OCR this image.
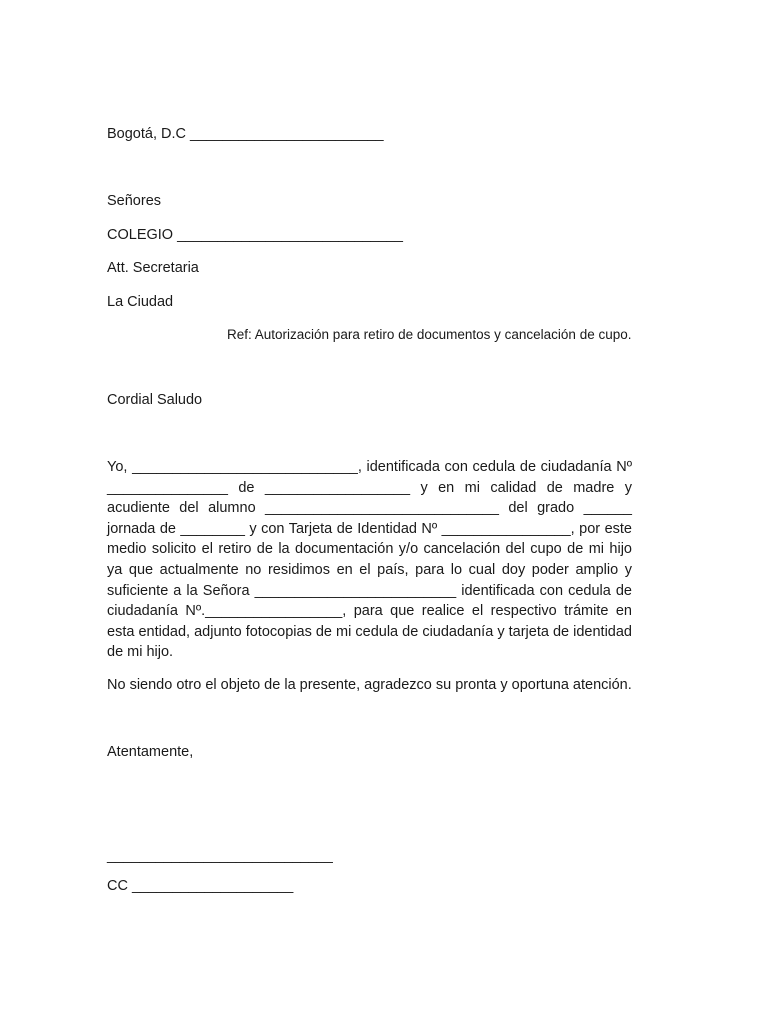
Bogotá, D.C ________________________

Señores

COLEGIO ____________________________

Att. Secretaria

La Ciudad

Ref: Autorización para retiro de documentos y cancelación de cupo.

Cordial Saludo

Yo, ____________________________, identificada con cedula de ciudadanía Nº _______________ de __________________ y en mi calidad de madre y acudiente del alumno _____________________________ del grado ______ jornada de ________ y con Tarjeta de Identidad Nº ________________, por este medio solicito el retiro de la documentación y/o cancelación del cupo de mi hijo ya que actualmente no residimos en el país, para lo cual doy poder amplio y suficiente a la Señora _________________________ identificada con cedula de ciudadanía Nº._________________, para que realice el respectivo trámite en esta entidad, adjunto fotocopias de mi cedula de ciudadanía y tarjeta de identidad de mi hijo.

No siendo otro el objeto de la presente, agradezco su pronta y oportuna atención.

Atentamente,

____________________________

CC ____________________
